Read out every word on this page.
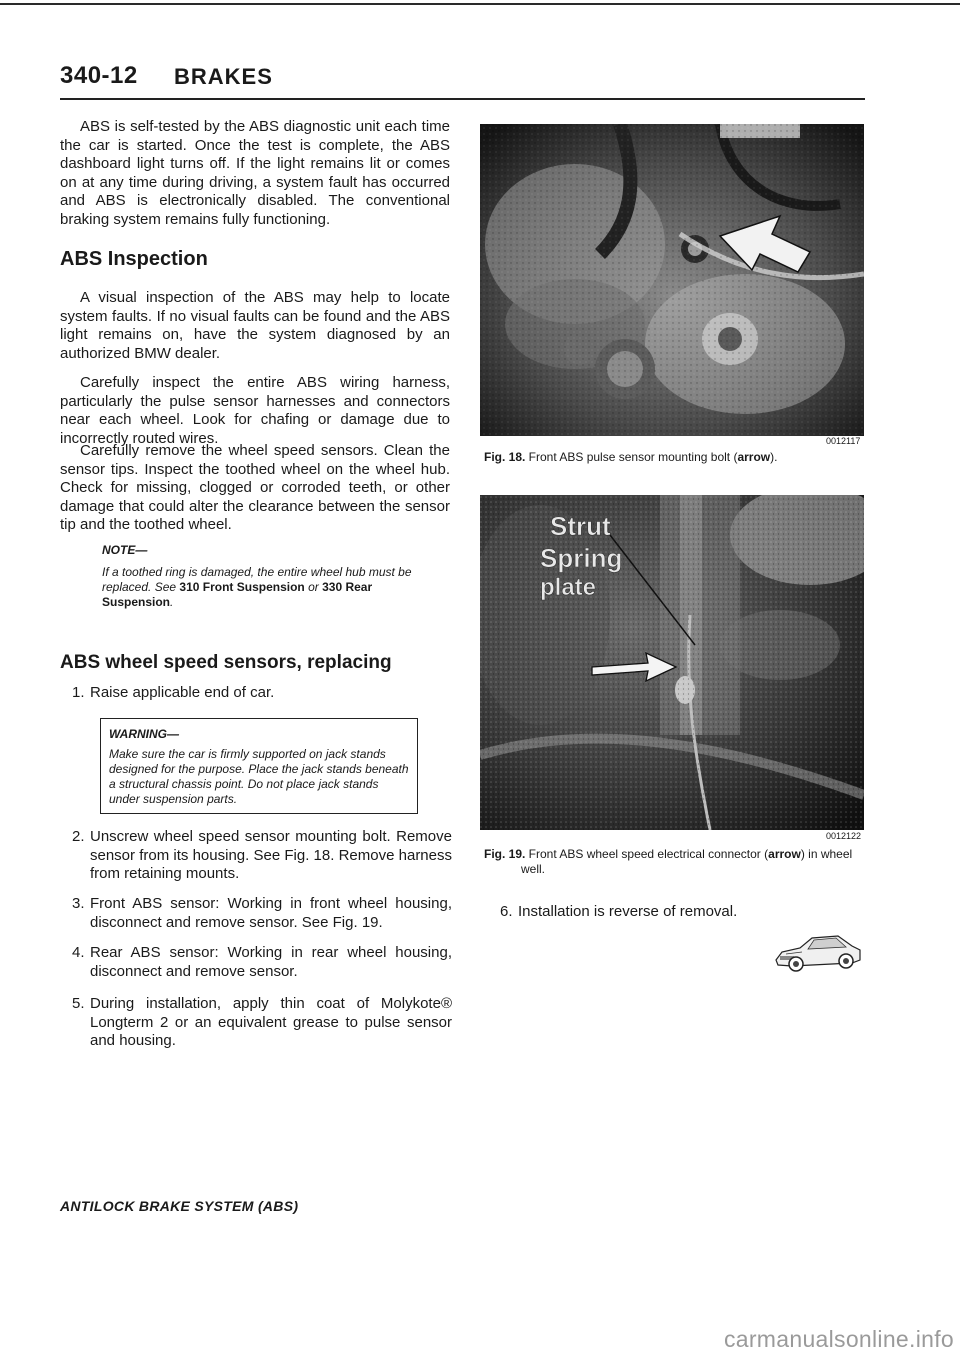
340-12 BRAKES

ABS is self-tested by the ABS diagnostic unit each time the car is started. Once the test is complete, the ABS dashboard light turns off. If the light remains lit or comes on at any time during driving, a system fault has occurred and ABS is electronically disabled. The conventional braking system remains fully functioning.

ABS Inspection

A visual inspection of the ABS may help to locate system faults. If no visual faults can be found and the ABS light remains on, have the system diagnosed by an authorized BMW dealer.

Carefully inspect the entire ABS wiring harness, particularly the pulse sensor harnesses and connectors near each wheel. Look for chafing or damage due to incorrectly routed wires.

Carefully remove the wheel speed sensors. Clean the sensor tips. Inspect the toothed wheel on the wheel hub. Check for missing, clogged or corroded teeth, or other damage that could alter the clearance between the sensor tip and the toothed wheel.

NOTE—
If a toothed ring is damaged, the entire wheel hub must be replaced. See 310 Front Suspension or 330 Rear Suspension.
ABS wheel speed sensors, replacing
1. Raise applicable end of car.
WARNING—
Make sure the car is firmly supported on jack stands designed for the purpose. Place the jack stands beneath a structural chassis point. Do not place jack stands under suspension parts.
2. Unscrew wheel speed sensor mounting bolt. Remove sensor from its housing. See Fig. 18. Remove harness from retaining mounts.
3. Front ABS sensor: Working in front wheel housing, disconnect and remove sensor. See Fig. 19.
4. Rear ABS sensor: Working in rear wheel housing, disconnect and remove sensor.
5. During installation, apply thin coat of Molykote® Longterm 2 or an equivalent grease to pulse sensor and housing.
0012117
Fig. 18. Front ABS pulse sensor mounting bolt (arrow).
Strut
Spring
plate
0012122
Fig. 19. Front ABS wheel speed electrical connector (arrow) in wheel well.
6. Installation is reverse of removal.
ANTILOCK BRAKE SYSTEM (ABS)
carmanualsonline.info
